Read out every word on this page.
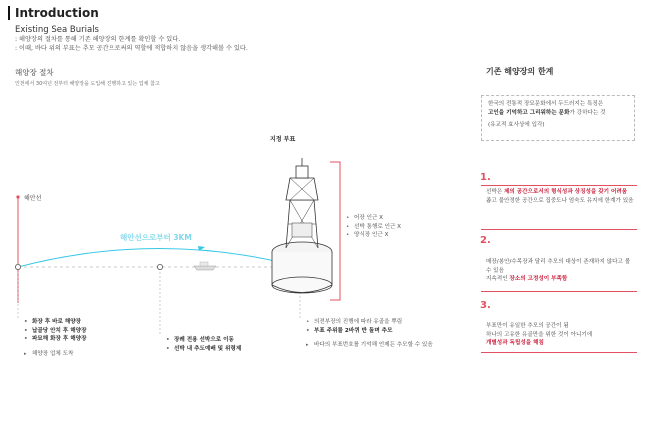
Introduction
Existing Sea Burials
: 해양장의 절차를 통해 기존 해양장의 한계를 확인할 수 있다.
: 이때, 바다 위의 부표는 추모 공간으로써의 역할에 적합하지 않음을 생각해볼 수 있다.
해양장 절차
인천에서 30여년 전부터 해양장을 도입해 진행하고 있는 업체 참고
해안선
해안선으로부터 3KM
지정 부표
• 어장 인근 X
• 선박 통행로 인근 X
• 양식장 인근 X
• 화장 후 바로 해양장
• 납골당 안치 후 해양장
• 파묘해 화장 후 해양장
▸ 해양장 업체 도착
• 장례 전용 선박으로 이동
• 선박 내 추도예배 및 위령제
• 의전부장의 진행에 따라 유골을 뿌림
• 부표 주위를 2바퀴 반 돌며 추모
▸ 바다의 부표번호를 기억해 언제든 추모할 수 있음
기존 해양장의 한계
한국의 전통적 장묘문화에서 두드러지는 특징은
고인을 기억하고 그리워하는 문화가 강하다는 것
(유교적 효사상에 입각)
1.
선박은 제의 공간으로서의 형식성과 상징성을 갖기 어려움
좁고 불안정한 공간으로 집중도나 엄숙도 유지에 한계가 있음
2.
매장/봉안/수목장과 달리 추모의 대상이 존재하지 않다고 볼 수 있음
지속적인 장소의 고정성이 부족함
3.
부표만이 유일한 추모의 공간이 됨
하나의 고유한 유골만을 위한 것이 아니기에
개별성과 독립성을 해침
